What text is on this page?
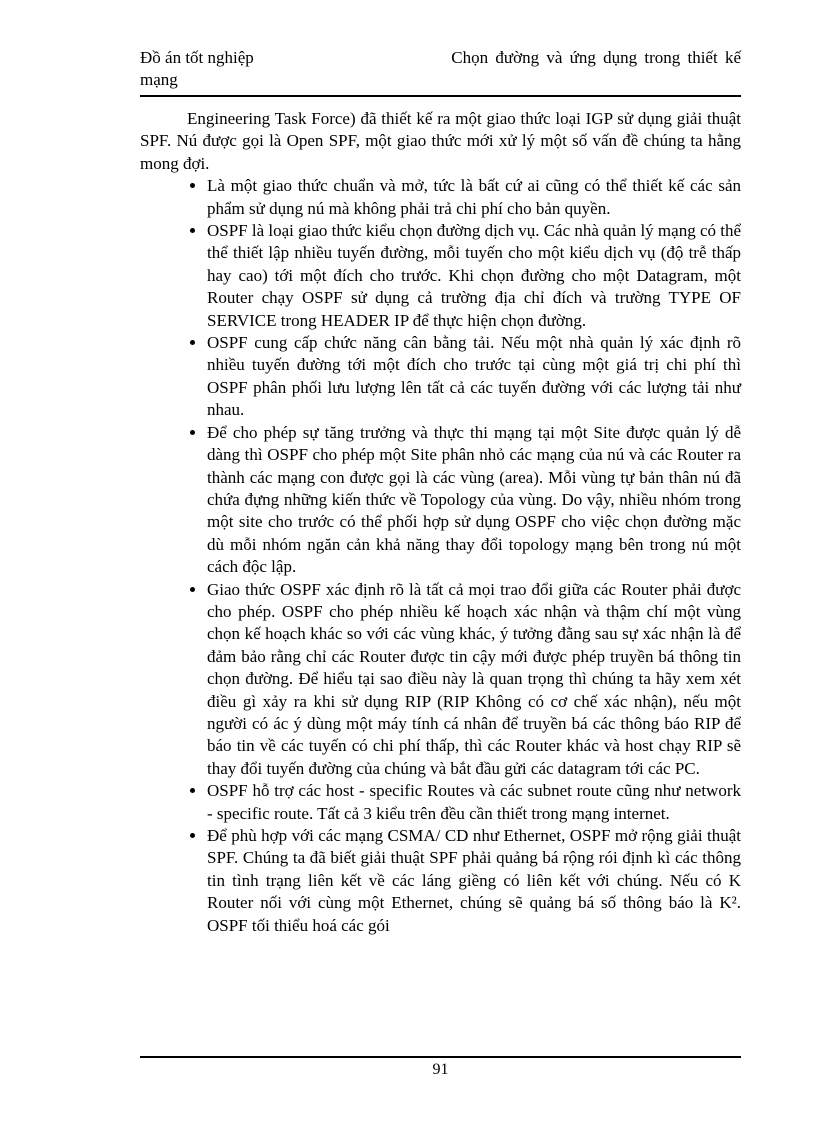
Đồ án tốt nghiệp	Chọn đường và ứng dụng trong thiết kế
mạng

Engineering Task Force) đã thiết kế ra một giao thức loại IGP sử dụng giải thuật SPF. Nú được gọi là Open SPF, một giao thức mới xử lý một số vấn đề chúng ta hằng mong đợi.

• Là một giao thức chuẩn và mở, tức là bất cứ ai cũng có thể thiết kế các sản phẩm sử dụng nú mà không phải trả chi phí cho bản quyền.
• OSPF là loại giao thức kiểu chọn đường dịch vụ. Các nhà quản lý mạng có thể thể thiết lập nhiều tuyến đường, mỗi tuyến cho một kiểu dịch vụ (độ trễ thấp hay cao) tới một đích cho trước. Khi chọn đường cho một Datagram, một Router chạy OSPF sử dụng cả trường địa chỉ đích và trường TYPE OF SERVICE trong HEADER IP để thực hiện chọn đường.
• OSPF cung cấp chức năng cân bằng tải. Nếu một nhà quản lý xác định rõ nhiều tuyến đường tới một đích cho trước tại cùng một giá trị chi phí thì OSPF phân phối lưu lượng lên tất cả các tuyến đường với các lượng tải như nhau.
• Để cho phép sự tăng trưởng và thực thi mạng tại một Site được quản lý dễ dàng thì OSPF cho phép một Site phân nhỏ các mạng của nú và các Router ra thành các mạng con được gọi là các vùng (area). Mỗi vùng tự bản thân nú đã chứa đựng những kiến thức về Topology của vùng. Do vậy, nhiều nhóm trong một site cho trước có thể phối hợp sử dụng OSPF cho việc chọn đường mặc dù mỗi nhóm ngăn cản khả năng thay đổi topology mạng bên trong nú một cách độc lập.
• Giao thức OSPF xác định rõ là tất cả mọi trao đổi giữa các Router phải được cho phép. OSPF cho phép nhiều kế hoạch xác nhận và thậm chí một vùng chọn kế hoạch khác so với các vùng khác, ý tưởng đằng sau sự xác nhận là để đảm bảo rằng chỉ các Router được tin cậy mới được phép truyền bá thông tin chọn đường. Để hiểu tại sao điều này là quan trọng thì chúng ta hãy xem xét điều gì xảy ra khi sử dụng RIP (RIP Không có cơ chế xác nhận), nếu một người có ác ý dùng một máy tính cá nhân để truyền bá các thông báo RIP để báo tin về các tuyến có chi phí thấp, thì các Router khác và host chạy RIP sẽ thay đổi tuyến đường của chúng và bắt đầu gửi các datagram tới các PC.
• OSPF hỗ trợ các host - specific Routes và các subnet route cũng như network - specific route. Tất cả 3 kiểu trên đều cần thiết trong mạng internet.
• Để phù hợp với các mạng CSMA/ CD như Ethernet, OSPF mở rộng giải thuật SPF. Chúng ta đã biết giải thuật SPF phải quảng bá rộng rói định kì các thông tin tình trạng liên kết về các láng giềng có liên kết với chúng. Nếu có K Router nối với cùng một Ethernet, chúng sẽ quảng bá số thông báo là K². OSPF tối thiểu hoá các gói
91
